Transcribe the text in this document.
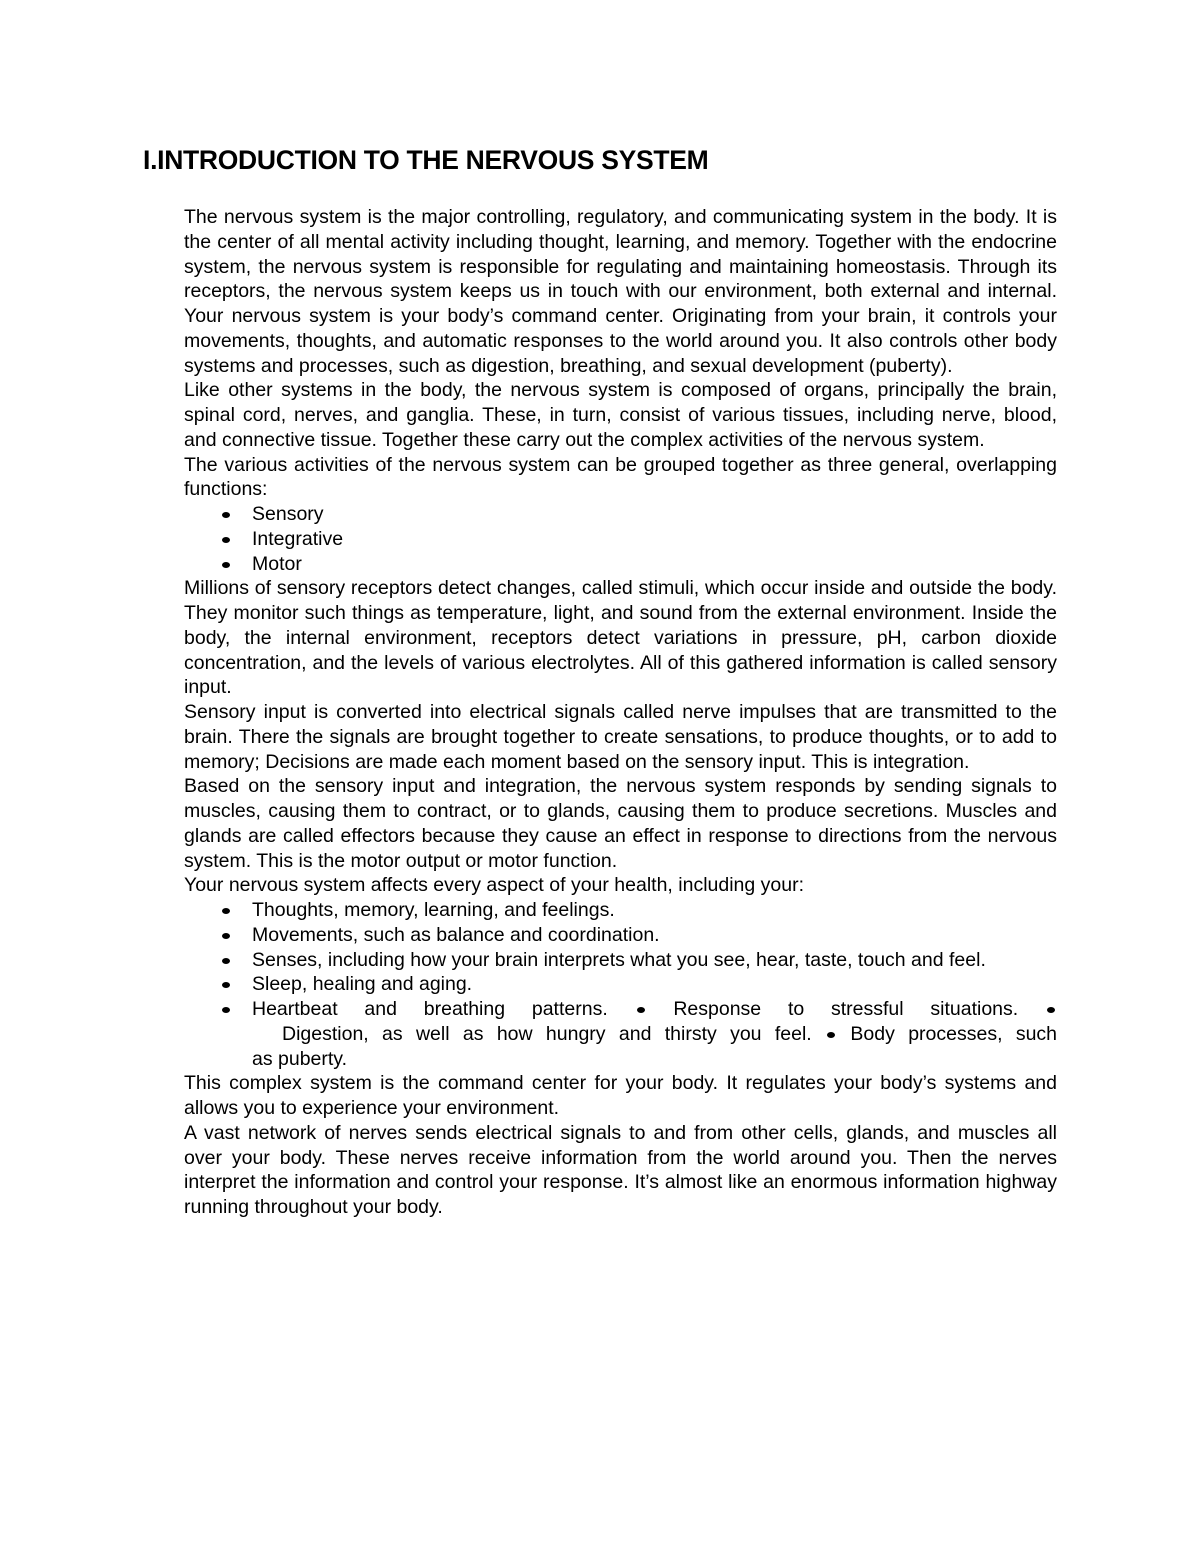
I.INTRODUCTION TO THE NERVOUS SYSTEM

The nervous system is the major controlling, regulatory, and communicating system in the body. It is the center of all mental activity including thought, learning, and memory. Together with the endocrine system, the nervous system is responsible for regulating and maintaining homeostasis. Through its receptors, the nervous system keeps us in touch with our environment, both external and internal. Your nervous system is your body’s command center. Originating from your brain, it controls your movements, thoughts, and automatic responses to the world around you. It also controls other body systems and processes, such as digestion, breathing, and sexual development (puberty).

Like other systems in the body, the nervous system is composed of organs, principally the brain, spinal cord, nerves, and ganglia. These, in turn, consist of various tissues, including nerve, blood, and connective tissue. Together these carry out the complex activities of the nervous system.

The various activities of the nervous system can be grouped together as three general, overlapping functions:

Sensory
Integrative
Motor

Millions of sensory receptors detect changes, called stimuli, which occur inside and outside the body. They monitor such things as temperature, light, and sound from the external environment. Inside the body, the internal environment, receptors detect variations in pressure, pH, carbon dioxide concentration, and the levels of various electrolytes. All of this gathered information is called sensory input.

Sensory input is converted into electrical signals called nerve impulses that are transmitted to the brain. There the signals are brought together to create sensations, to produce thoughts, or to add to memory; Decisions are made each moment based on the sensory input. This is integration.

Based on the sensory input and integration, the nervous system responds by sending signals to muscles, causing them to contract, or to glands, causing them to produce secretions. Muscles and glands are called effectors because they cause an effect in response to directions from the nervous system. This is the motor output or motor function.

Your nervous system affects every aspect of your health, including your:

Thoughts, memory, learning, and feelings.
Movements, such as balance and coordination.
Senses, including how your brain interprets what you see, hear, taste, touch and feel.
Sleep, healing and aging.
Heartbeat and breathing patterns.	Response to stressful situations.
Digestion, as well as how hungry and thirsty you feel. Body processes, such
as puberty.

This complex system is the command center for your body. It regulates your body’s systems and allows you to experience your environment.

A vast network of nerves sends electrical signals to and from other cells, glands, and muscles all over your body. These nerves receive information from the world around you. Then the nerves interpret the information and control your response. It’s almost like an enormous information highway running throughout your body.
